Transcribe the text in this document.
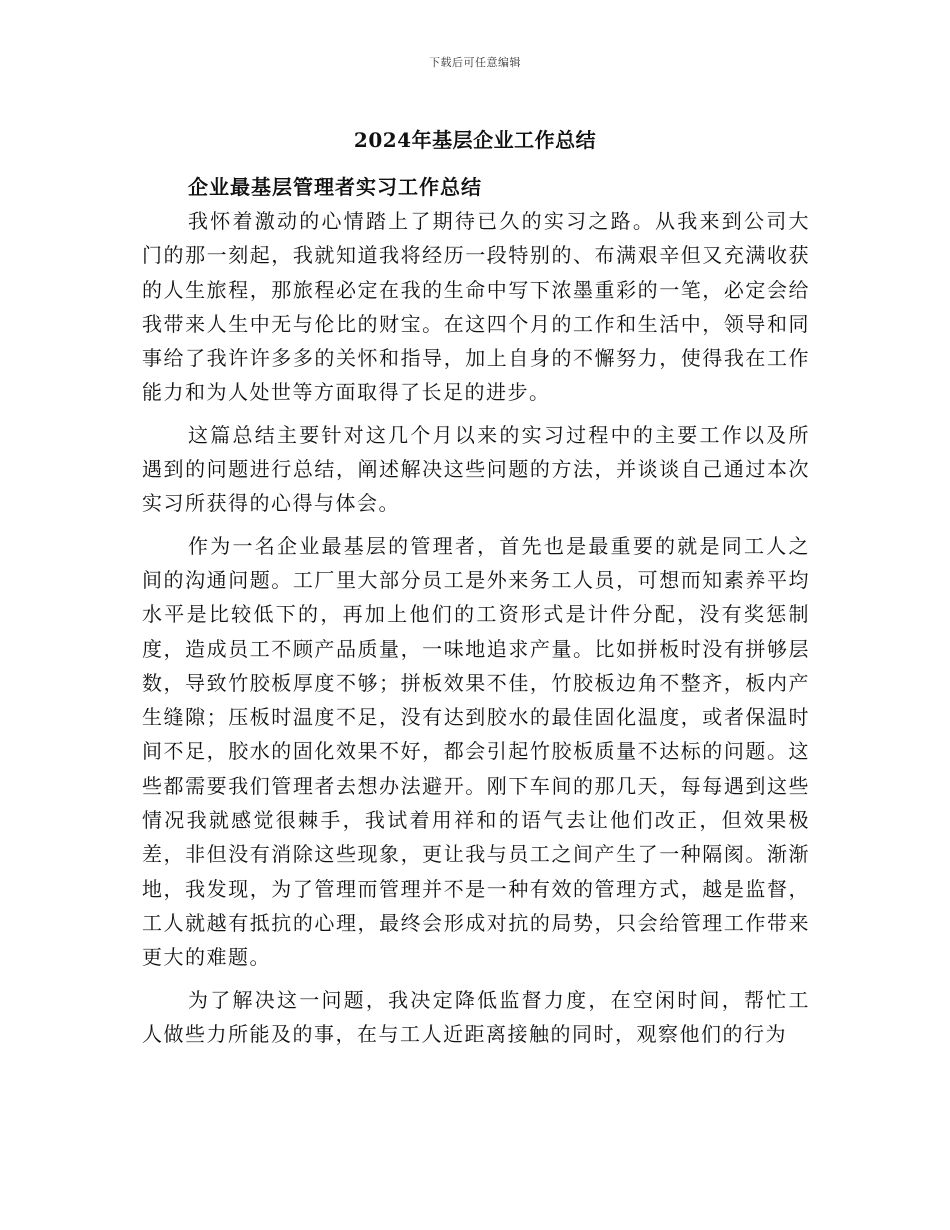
下载后可任意编辑
2024年基层企业工作总结

企业最基层管理者实习工作总结

我怀着激动的心情踏上了期待已久的实习之路。从我来到公司大门的那一刻起，我就知道我将经历一段特别的、布满艰辛但又充满收获的人生旅程，那旅程必定在我的生命中写下浓墨重彩的一笔，必定会给我带来人生中无与伦比的财宝。在这四个月的工作和生活中，领导和同事给了我许许多多的关怀和指导，加上自身的不懈努力，使得我在工作能力和为人处世等方面取得了长足的进步。

这篇总结主要针对这几个月以来的实习过程中的主要工作以及所遇到的问题进行总结，阐述解决这些问题的方法，并谈谈自己通过本次实习所获得的心得与体会。

作为一名企业最基层的管理者，首先也是最重要的就是同工人之间的沟通问题。工厂里大部分员工是外来务工人员，可想而知素养平均水平是比较低下的，再加上他们的工资形式是计件分配，没有奖惩制度，造成员工不顾产品质量，一味地追求产量。比如拼板时没有拼够层数，导致竹胶板厚度不够；拼板效果不佳，竹胶板边角不整齐，板内产生缝隙；压板时温度不足，没有达到胶水的最佳固化温度，或者保温时间不足，胶水的固化效果不好，都会引起竹胶板质量不达标的问题。这些都需要我们管理者去想办法避开。刚下车间的那几天，每每遇到这些情况我就感觉很棘手，我试着用祥和的语气去让他们改正，但效果极差，非但没有消除这些现象，更让我与员工之间产生了一种隔阂。渐渐地，我发现，为了管理而管理并不是一种有效的管理方式，越是监督，工人就越有抵抗的心理，最终会形成对抗的局势，只会给管理工作带来更大的难题。

为了解决这一问题，我决定降低监督力度，在空闲时间，帮忙工人做些力所能及的事，在与工人近距离接触的同时，观察他们的行为
